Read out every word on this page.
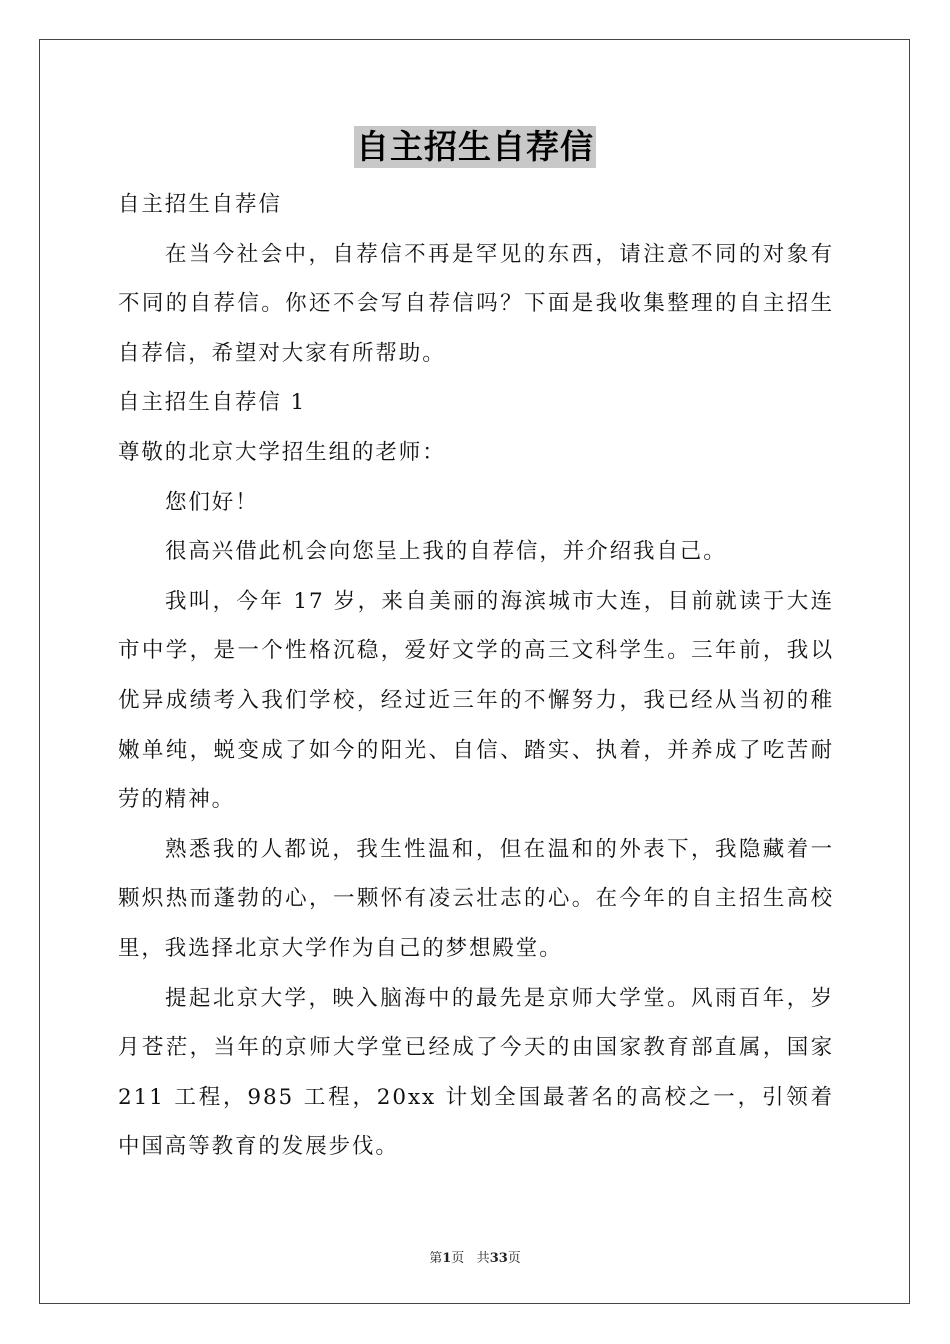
自主招生自荐信

自主招生自荐信

在当今社会中，自荐信不再是罕见的东西，请注意不同的对象有不同的自荐信。你还不会写自荐信吗？下面是我收集整理的自主招生自荐信，希望对大家有所帮助。

自主招生自荐信 1

尊敬的北京大学招生组的老师：

您们好！

很高兴借此机会向您呈上我的自荐信，并介绍我自己。

我叫，今年 17 岁，来自美丽的海滨城市大连，目前就读于大连市中学，是一个性格沉稳，爱好文学的高三文科学生。三年前，我以优异成绩考入我们学校，经过近三年的不懈努力，我已经从当初的稚嫩单纯，蜕变成了如今的阳光、自信、踏实、执着，并养成了吃苦耐劳的精神。

熟悉我的人都说，我生性温和，但在温和的外表下，我隐藏着一颗炽热而蓬勃的心，一颗怀有凌云壮志的心。在今年的自主招生高校里，我选择北京大学作为自己的梦想殿堂。

提起北京大学，映入脑海中的最先是京师大学堂。风雨百年，岁月苍茫，当年的京师大学堂已经成了今天的由国家教育部直属，国家 211 工程，985 工程，20xx 计划全国最著名的高校之一，引领着中国高等教育的发展步伐。

第1页 共33页
